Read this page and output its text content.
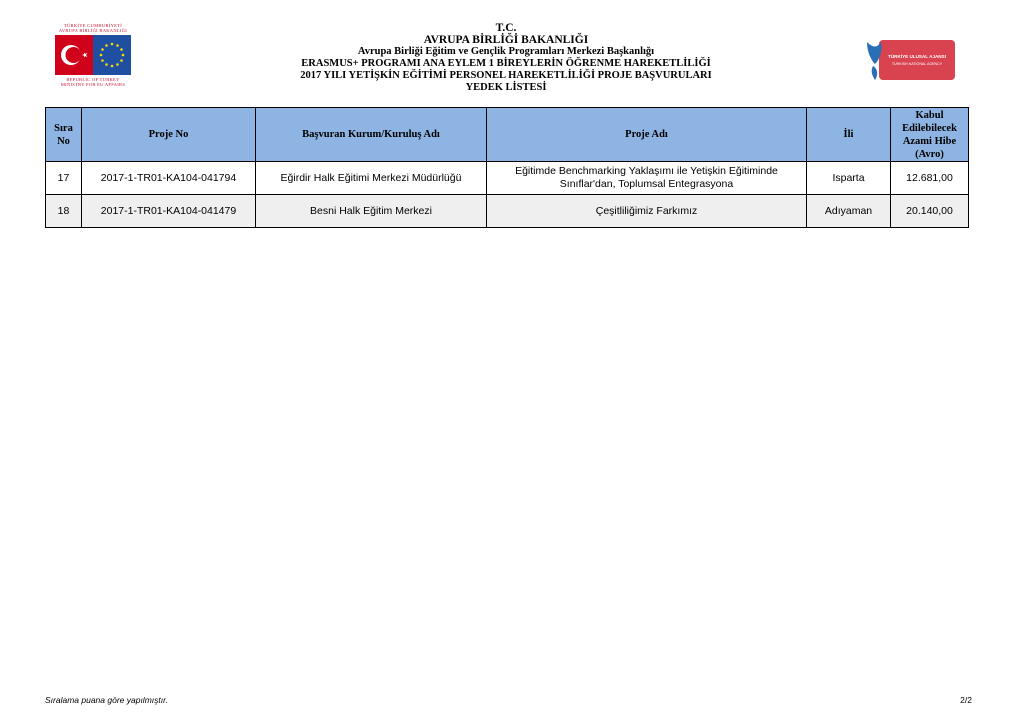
TÜRKİYE CUMHURİYETİ AVRUPA BİRLİĞİ BAKANLIĞI
REPUBLIC OF TURKEY MINISTRY FOR EU AFFAIRS
TÜRKİYE ULUSAL AJANSI
TURKISH NATIONAL AGENCY
T.C.
AVRUPA BİRLİĞİ BAKANLIĞI
Avrupa Birliği Eğitim ve Gençlik Programları Merkezi Başkanlığı
ERASMUS+ PROGRAMI ANA EYLEM 1 BİREYLERİN ÖĞRENME HAREKETLİLİĞİ
2017 YILI YETİŞKİN EĞİTİMİ PERSONEL HAREKETLİLİĞİ PROJE BAŞVURULARI
YEDEK LİSTESİ
Sıra No	Proje No	Başvuran Kurum/Kuruluş Adı	Proje Adı	İli	Kabul Edilebilecek Azami Hibe (Avro)
17	2017-1-TR01-KA104-041794	Eğirdir Halk Eğitimi Merkezi Müdürlüğü	Eğitimde Benchmarking Yaklaşımı ile Yetişkin Eğitiminde Sınıflar'dan, Toplumsal Entegrasyona	Isparta	12.681,00
18	2017-1-TR01-KA104-041479	Besni Halk Eğitim Merkezi	Çeşitliliğimiz Farkımız	Adıyaman	20.140,00
Sıralama puana göre yapılmıştır.	2/2
